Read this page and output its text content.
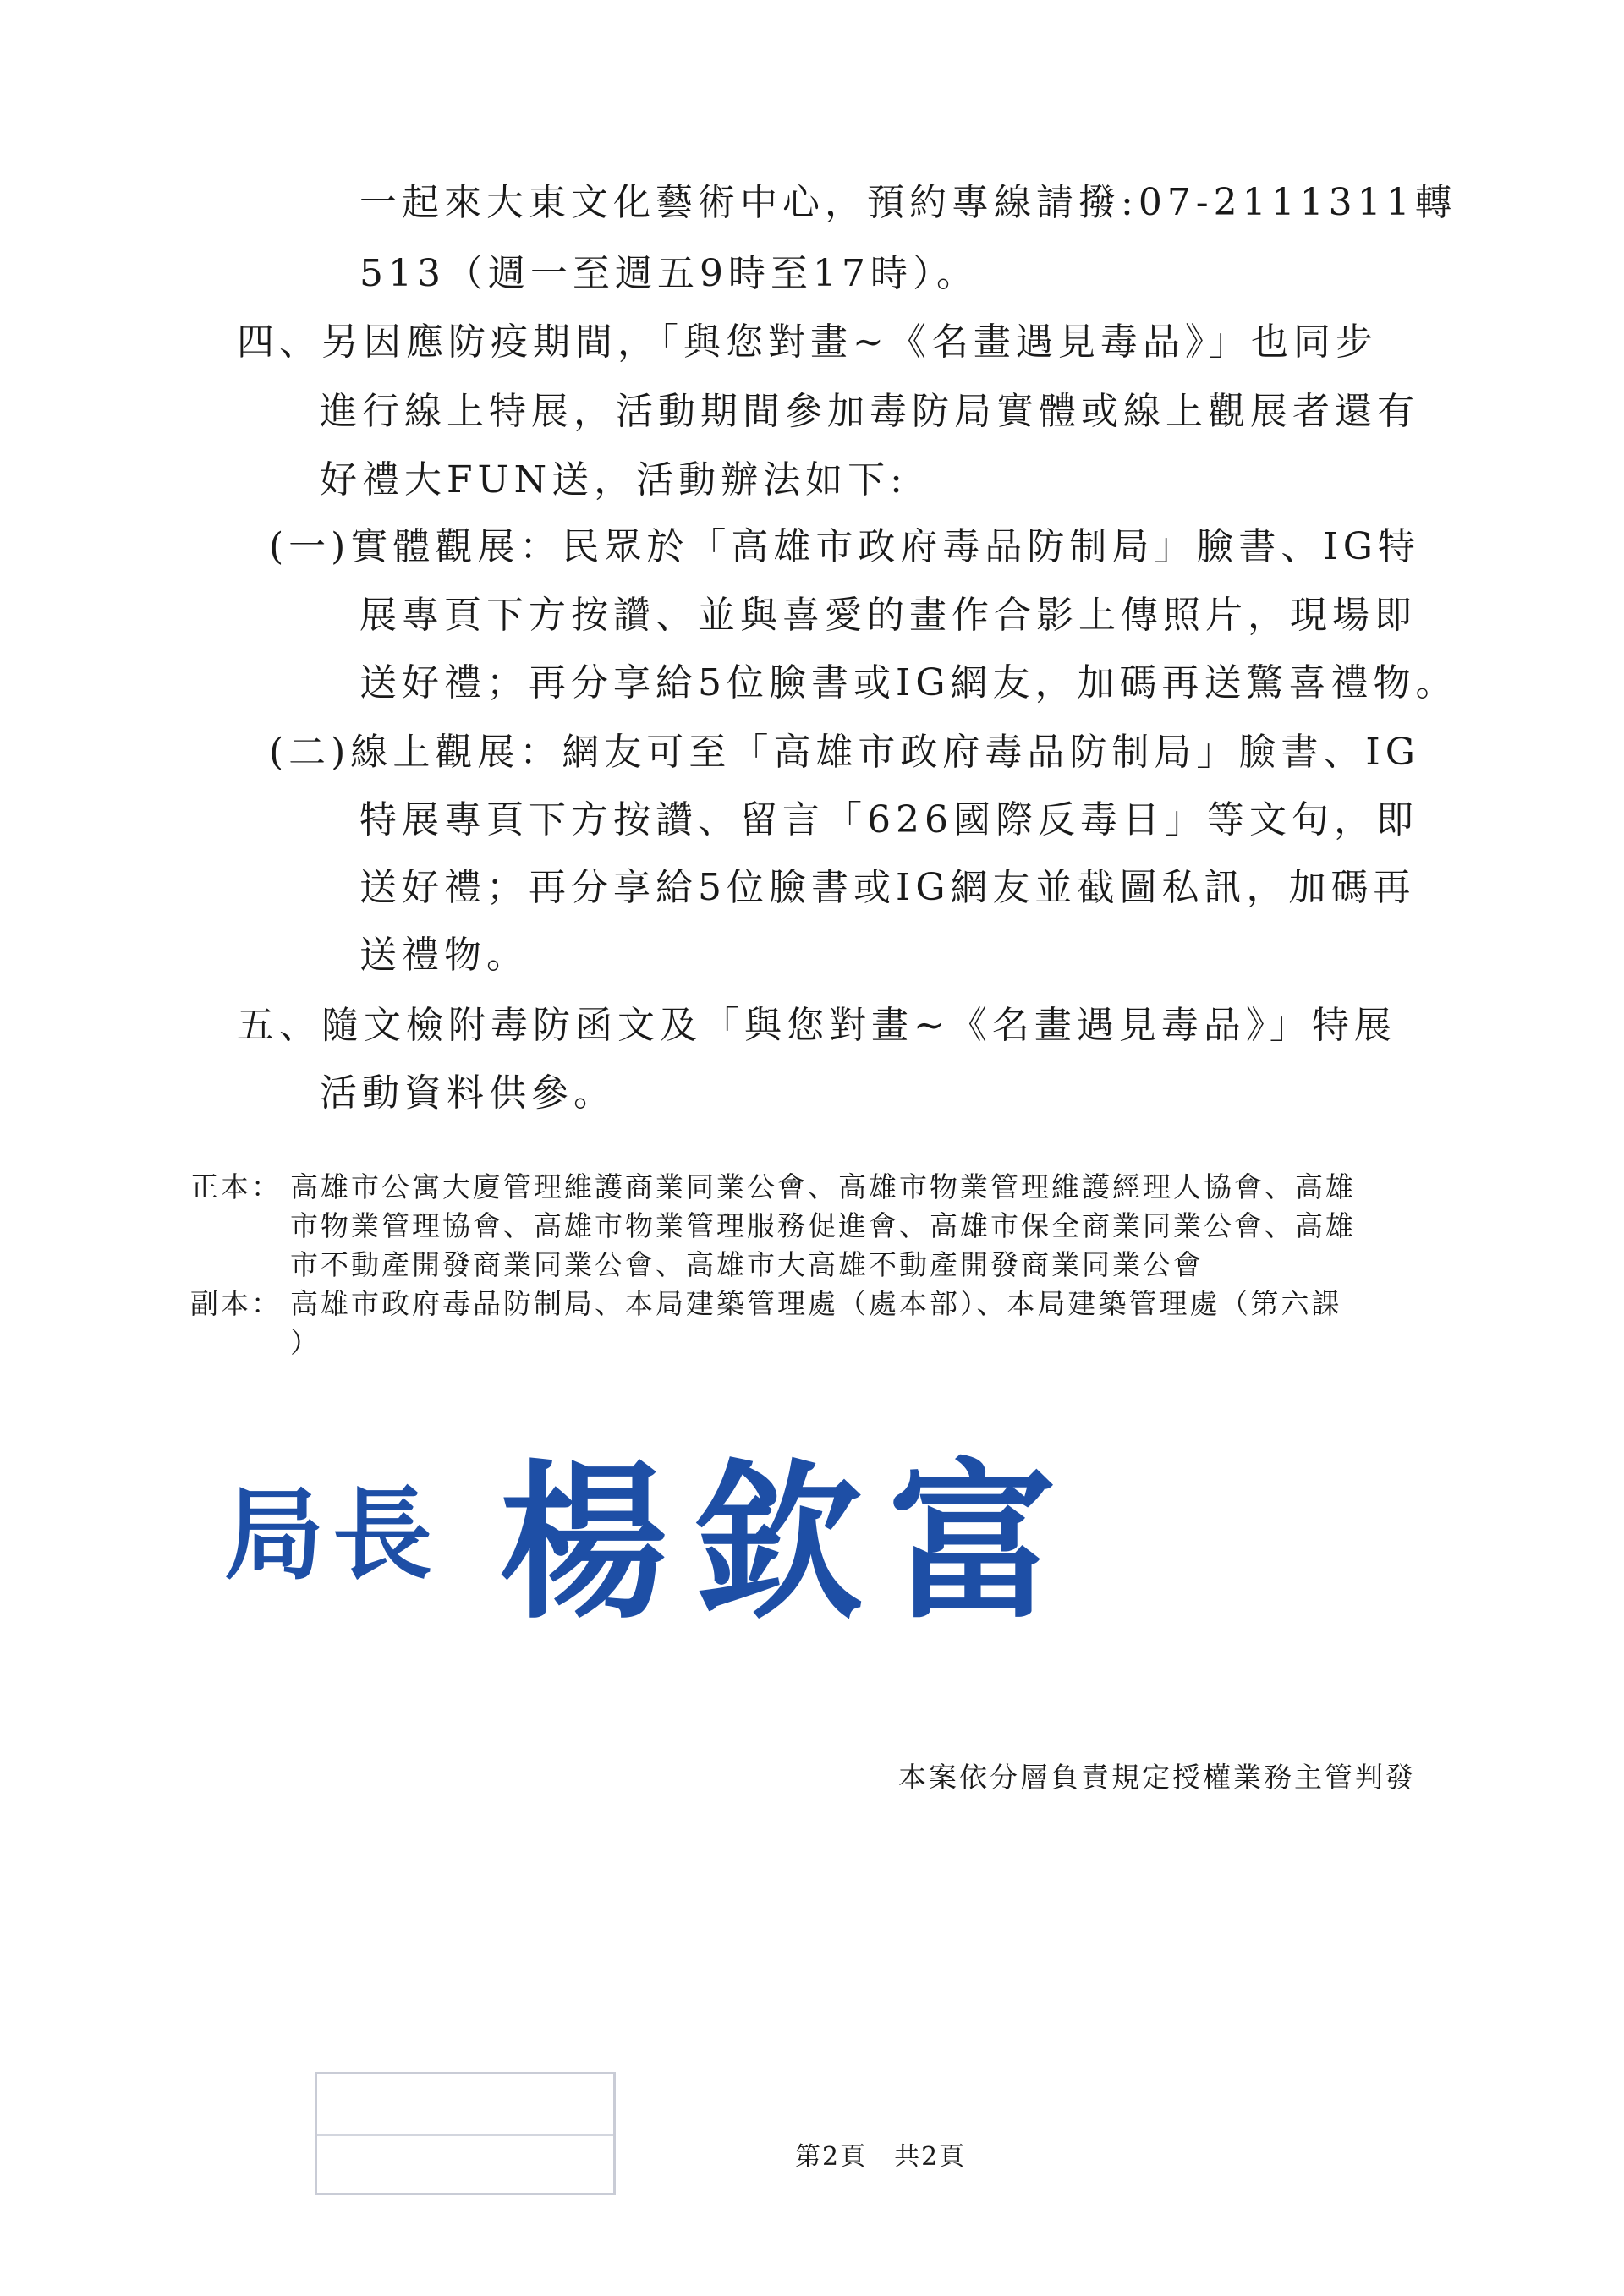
一起來大東文化藝術中心，預約專線請撥:07-2111311轉
513（週一至週五9時至17時）。
四、另因應防疫期間，「與您對畫~《名畫遇見毒品》」也同步
進行線上特展，活動期間參加毒防局實體或線上觀展者還有
好禮大FUN送，活動辦法如下:
(一)實體觀展：民眾於「高雄市政府毒品防制局」臉書、IG特
展專頁下方按讚、並與喜愛的畫作合影上傳照片，現場即
送好禮；再分享給5位臉書或IG網友，加碼再送驚喜禮物。
(二)線上觀展：網友可至「高雄市政府毒品防制局」臉書、IG
特展專頁下方按讚、留言「626國際反毒日」等文句，即
送好禮；再分享給5位臉書或IG網友並截圖私訊，加碼再
送禮物。
五、隨文檢附毒防函文及「與您對畫~《名畫遇見毒品》」特展
活動資料供參。
正本： 高雄市公寓大廈管理維護商業同業公會、高雄市物業管理維護經理人協會、高雄
市物業管理協會、高雄市物業管理服務促進會、高雄市保全商業同業公會、高雄
市不動產開發商業同業公會、高雄市大高雄不動產開發商業同業公會
副本： 高雄市政府毒品防制局、本局建築管理處（處本部）、本局建築管理處（第六課
）
局長 楊欽富
本案依分層負責規定授權業務主管判發
第2頁　共2頁
